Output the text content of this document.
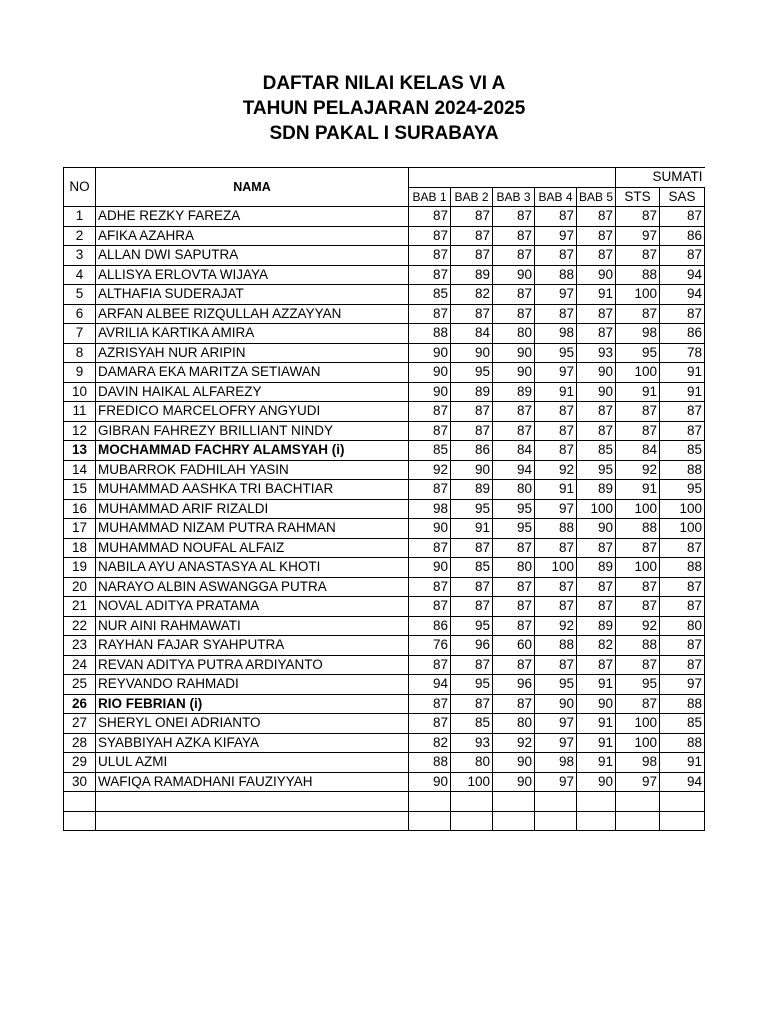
DAFTAR NILAI KELAS VI A
TAHUN PELAJARAN 2024-2025
SDN PAKAL I SURABAYA
NO	NAMA						SUMATI	
		BAB 1	BAB 2	BAB 3	BAB 4	BAB 5	STS	SAS
1	ADHE REZKY FAREZA	87	87	87	87	87	87	87
2	AFIKA AZAHRA	87	87	87	97	87	97	86
3	ALLAN DWI SAPUTRA	87	87	87	87	87	87	87
4	ALLISYA ERLOVTA WIJAYA	87	89	90	88	90	88	94
5	ALTHAFIA SUDERAJAT	85	82	87	97	91	100	94
6	ARFAN ALBEE RIZQULLAH AZZAYYAN	87	87	87	87	87	87	87
7	AVRILIA KARTIKA AMIRA	88	84	80	98	87	98	86
8	AZRISYAH NUR ARIPIN	90	90	90	95	93	95	78
9	DAMARA EKA MARITZA SETIAWAN	90	95	90	97	90	100	91
10	DAVIN HAIKAL ALFAREZY	90	89	89	91	90	91	91
11	FREDICO MARCELOFRY ANGYUDI	87	87	87	87	87	87	87
12	GIBRAN FAHREZY BRILLIANT NINDY	87	87	87	87	87	87	87
13	MOCHAMMAD FACHRY ALAMSYAH (i)	85	86	84	87	85	84	85
14	MUBARROK FADHILAH YASIN	92	90	94	92	95	92	88
15	MUHAMMAD AASHKA TRI BACHTIAR	87	89	80	91	89	91	95
16	MUHAMMAD ARIF RIZALDI	98	95	95	97	100	100	100
17	MUHAMMAD NIZAM PUTRA RAHMAN	90	91	95	88	90	88	100
18	MUHAMMAD NOUFAL ALFAIZ	87	87	87	87	87	87	87
19	NABILA AYU ANASTASYA AL KHOTI	90	85	80	100	89	100	88
20	NARAYO ALBIN ASWANGGA PUTRA	87	87	87	87	87	87	87
21	NOVAL ADITYA PRATAMA	87	87	87	87	87	87	87
22	NUR AINI RAHMAWATI	86	95	87	92	89	92	80
23	RAYHAN FAJAR SYAHPUTRA	76	96	60	88	82	88	87
24	REVAN ADITYA PUTRA ARDIYANTO	87	87	87	87	87	87	87
25	REYVANDO RAHMADI	94	95	96	95	91	95	97
26	RIO FEBRIAN (i)	87	87	87	90	90	87	88
27	SHERYL ONEI ADRIANTO	87	85	80	97	91	100	85
28	SYABBIYAH AZKA KIFAYA	82	93	92	97	91	100	88
29	ULUL AZMI	88	80	90	98	91	98	91
30	WAFIQA RAMADHANI FAUZIYYAH	90	100	90	97	90	97	94
